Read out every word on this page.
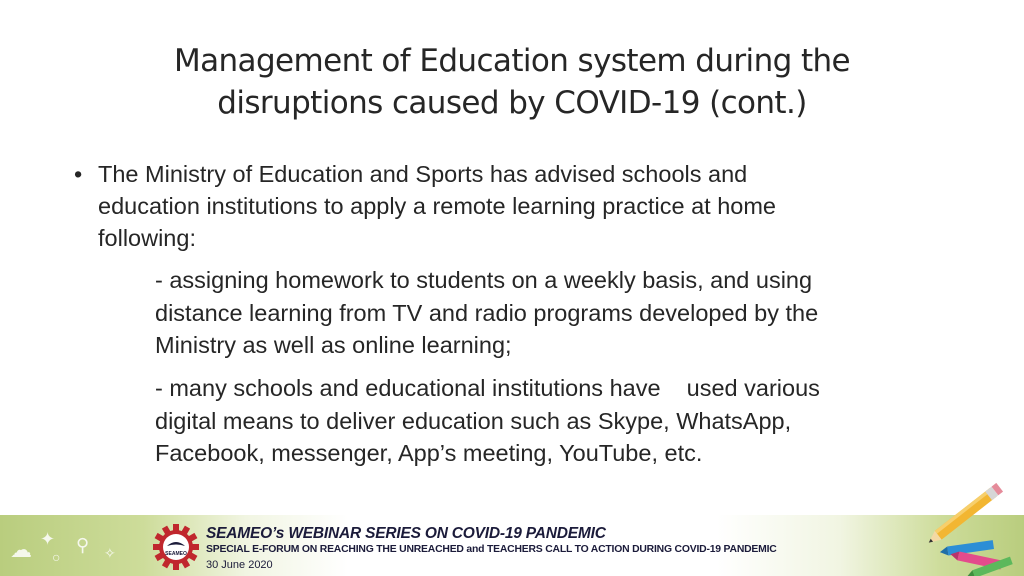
Management of Education system during the
disruptions caused by COVID-19 (cont.)
• The Ministry of Education and Sports has advised schools and
education institutions to apply a remote learning practice at home
following:
- assigning homework to students on a weekly basis, and using
distance learning from TV and radio programs developed by the
Ministry as well as online learning;
- many schools and educational institutions have    used various
digital means to deliver education such as Skype, WhatsApp,
Facebook, messenger, App’s meeting, YouTube, etc.
☁ ✦
○
⚲ ✧	SEAMEO
SEAMEO’s WEBINAR SERIES ON COVID-19 PANDEMIC
SPECIAL E-FORUM ON REACHING THE UNREACHED and TEACHERS CALL TO ACTION DURING COVID-19 PANDEMIC
30 June 2020
